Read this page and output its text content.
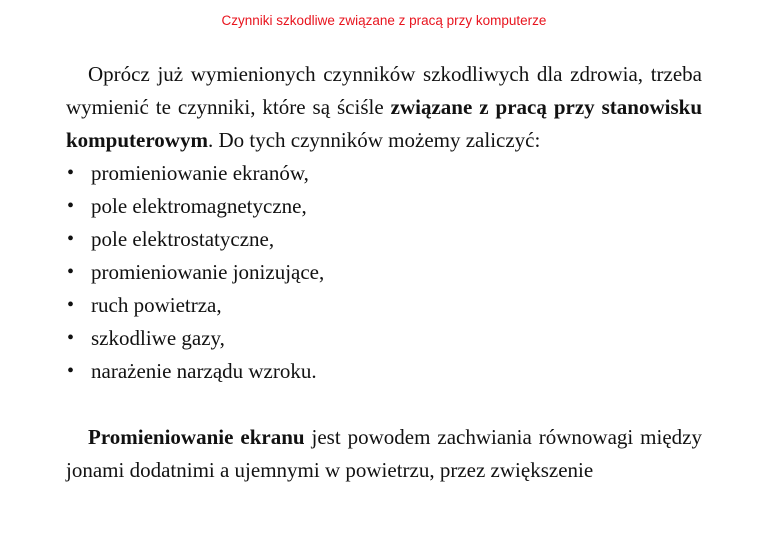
Czynniki szkodliwe związane z pracą przy komputerze

Oprócz już wymienionych czynników szkodliwych dla zdrowia, trzeba wymienić te czynniki, które są ściśle związane z pracą przy stanowisku komputerowym. Do tych czynników możemy zaliczyć:

• promieniowanie ekranów,
• pole elektromagnetyczne,
• pole elektrostatyczne,
• promieniowanie jonizujące,
• ruch powietrza,
• szkodliwe gazy,
• narażenie narządu wzroku.

Promieniowanie ekranu jest powodem zachwiania równowagi między jonami dodatnimi a ujemnymi w powietrzu, przez zwiększenie
